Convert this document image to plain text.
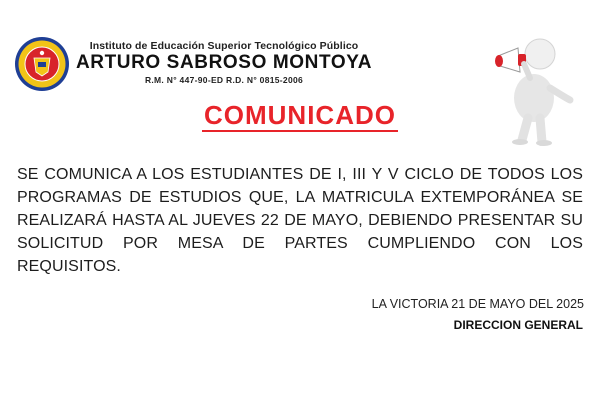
Instituto de Educación Superior Tecnológico Público
ARTURO SABROSO MONTOYA
R.M. N° 447-90-ED R.D. N° 0815-2006
COMUNICADO
SE COMUNICA A LOS ESTUDIANTES DE I, III Y V CICLO DE TODOS LOS PROGRAMAS DE ESTUDIOS QUE, LA MATRICULA EXTEMPORÁNEA SE REALIZARÁ HASTA AL JUEVES 22 DE MAYO, DEBIENDO PRESENTAR SU SOLICITUD POR MESA DE PARTES CUMPLIENDO CON LOS REQUISITOS.
LA VICTORIA 21 DE MAYO DEL 2025
DIRECCION GENERAL
